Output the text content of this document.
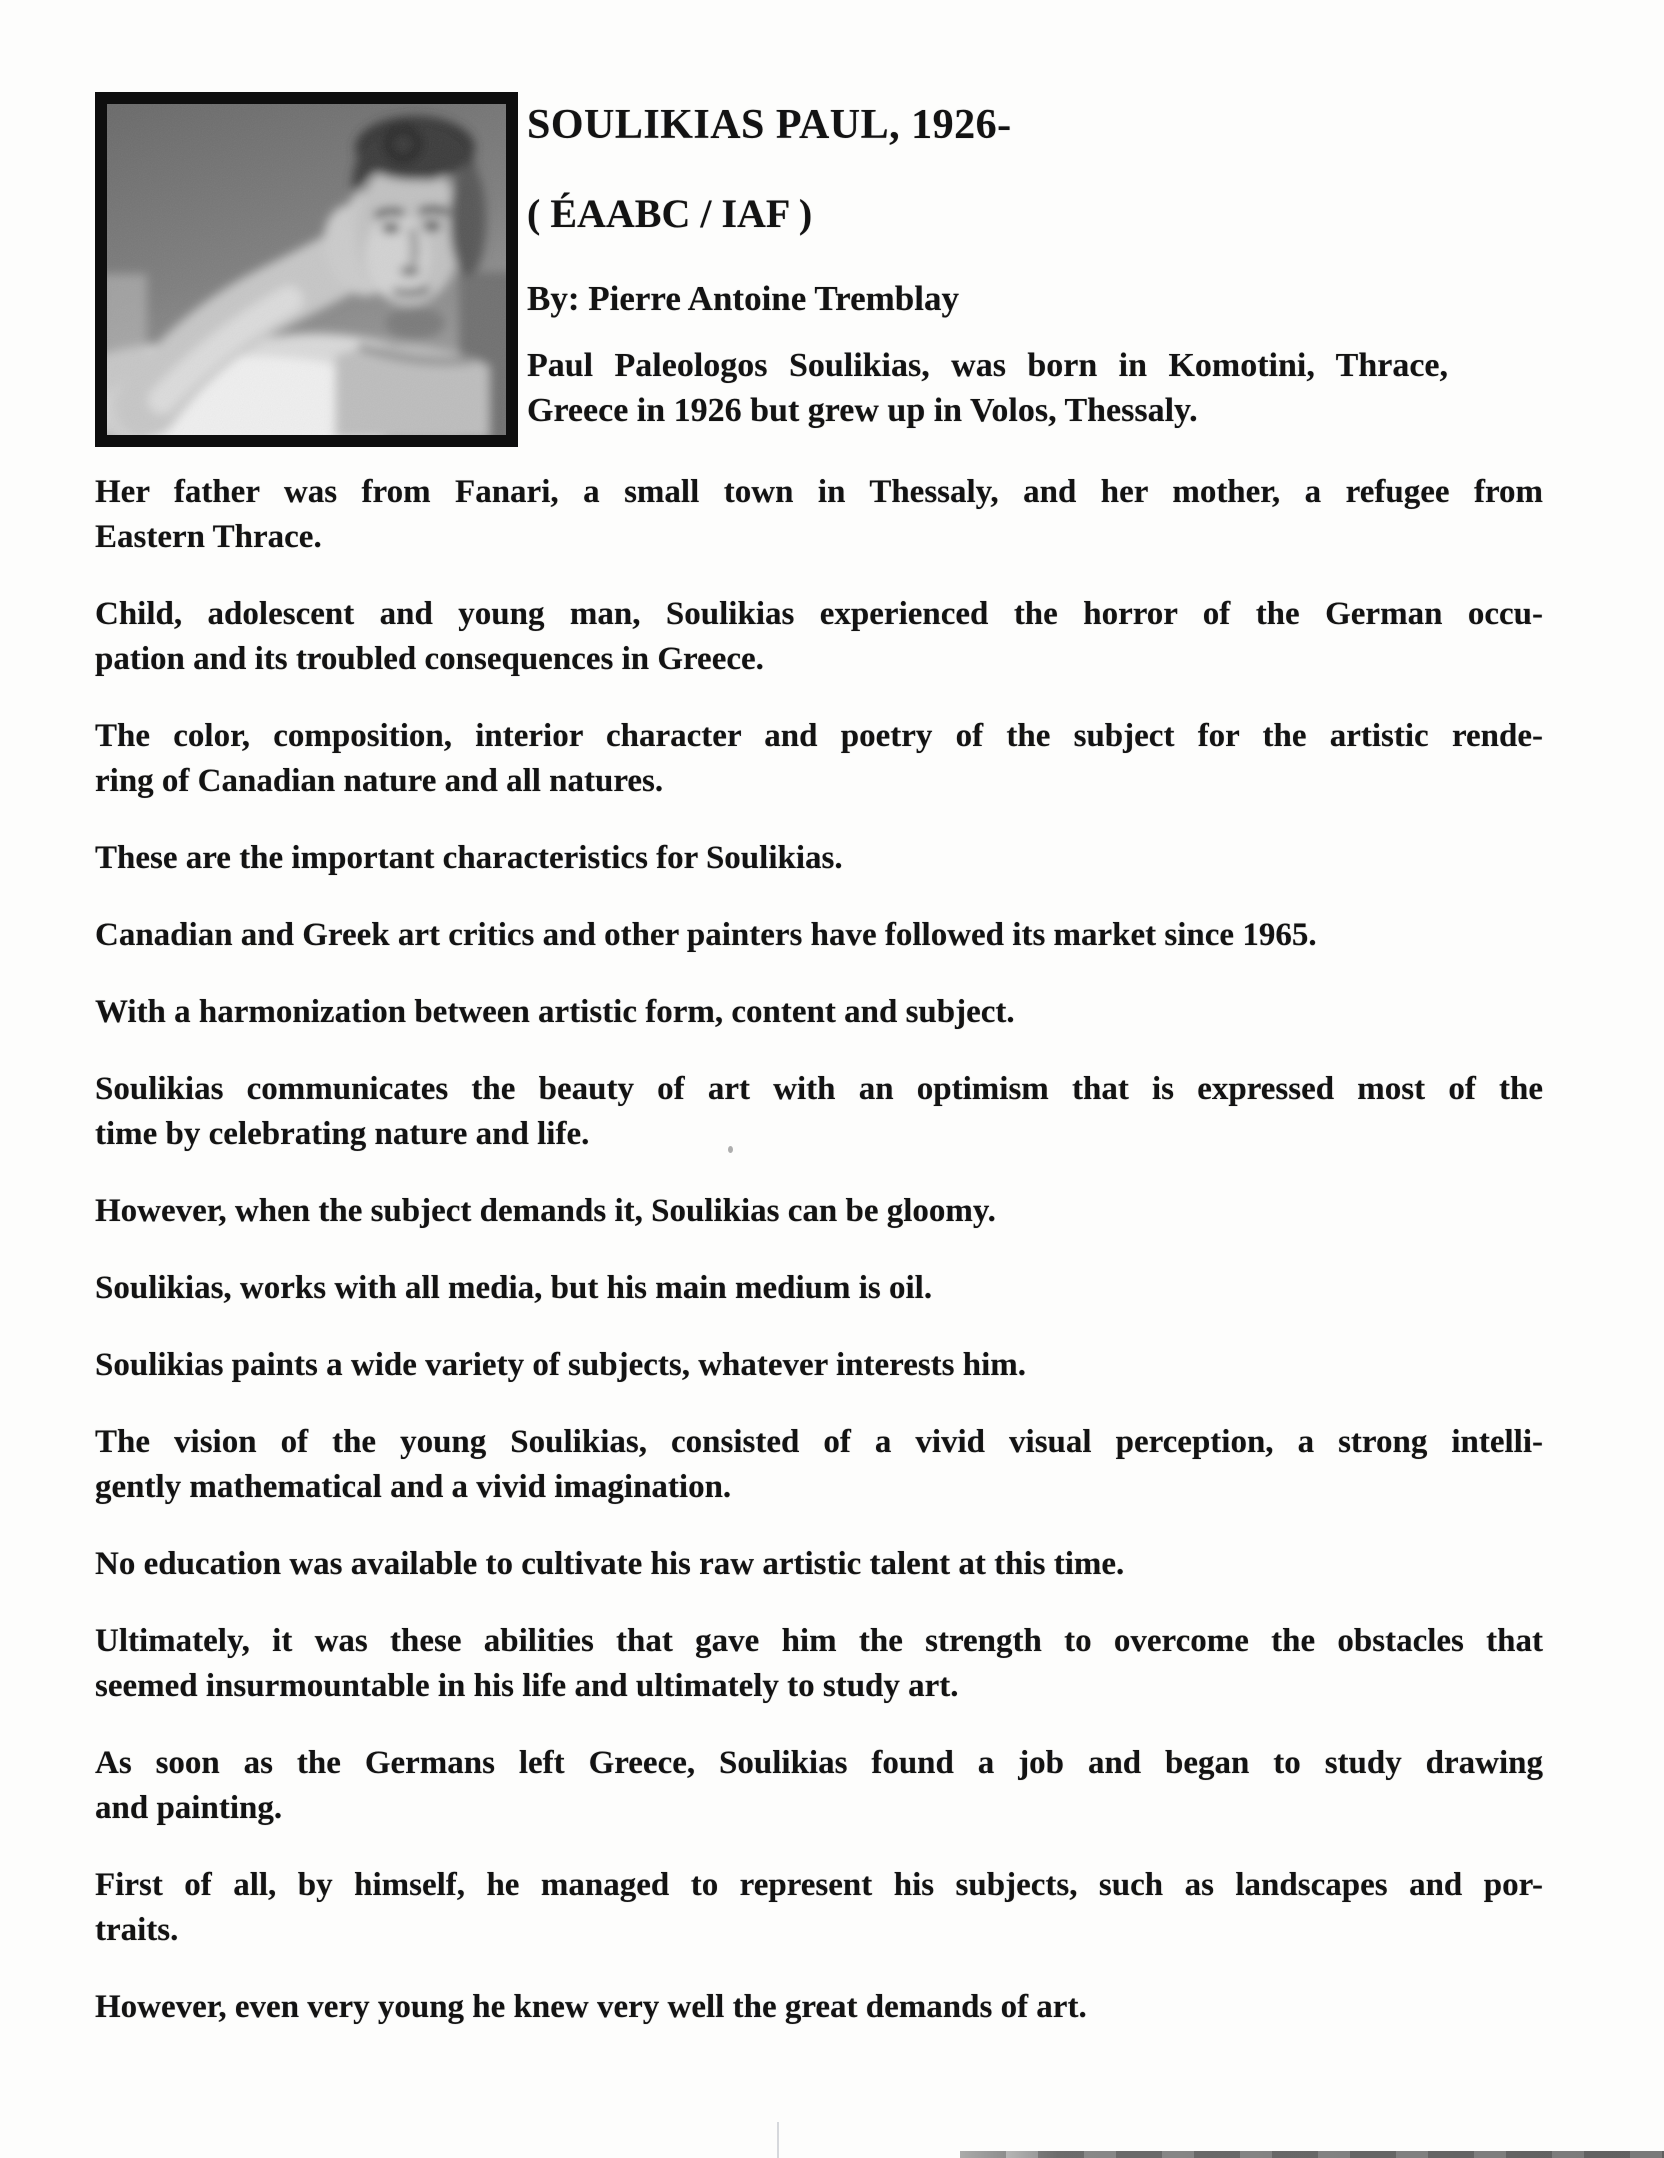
SOULIKIAS PAUL, 1926-
( ÉAABC / IAF )
By: Pierre Antoine Tremblay
Paul Paleologos Soulikias, was born in Komotini, Thrace,
Greece in 1926 but grew up in Volos, Thessaly.
Her father was from Fanari, a small town in Thessaly, and her mother, a refugee from
Eastern Thrace.
Child, adolescent and young man, Soulikias experienced the horror of the German occu-
pation and its troubled consequences in Greece.
The color, composition, interior character and poetry of the subject for the artistic rende-
ring of Canadian nature and all natures.
These are the important characteristics for Soulikias.
Canadian and Greek art critics and other painters have followed its market since 1965.
With a harmonization between artistic form, content and subject.
Soulikias communicates the beauty of art with an optimism that is expressed most of the
time by celebrating nature and life.
However, when the subject demands it, Soulikias can be gloomy.
Soulikias, works with all media, but his main medium is oil.
Soulikias paints a wide variety of subjects, whatever interests him.
The vision of the young Soulikias, consisted of a vivid visual perception, a strong intelli-
gently mathematical and a vivid imagination.
No education was available to cultivate his raw artistic talent at this time.
Ultimately, it was these abilities that gave him the strength to overcome the obstacles that
seemed insurmountable in his life and ultimately to study art.
As soon as the Germans left Greece, Soulikias found a job and began to study drawing
and painting.
First of all, by himself, he managed to represent his subjects, such as landscapes and por-
traits.
However, even very young he knew very well the great demands of art.
